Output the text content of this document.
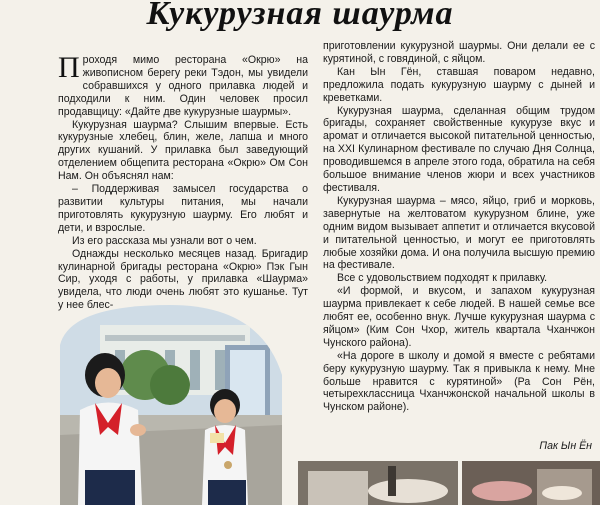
Кукурузная шаурма

Проходя мимо ресторана «Окрю» на живописном берегу реки Тэдон, мы увидели собравшихся у одного прилавка людей и подходили к ним. Один человек просил продавщицу: «Дайте две кукурузные шаурмы».

Кукурузная шаурма? Слышим впервые. Есть кукурузные хлебец, блин, желе, лапша и много других кушаний. У прилавка был заведующий отделением общепита ресторана «Окрю» Ом Сон Нам. Он объяснял нам:

– Поддерживая замысел государства о развитии культуры питания, мы начали приготовлять кукурузную шаурму. Его любят и дети, и взрослые.

Из его рассказа мы узнали вот о чем.

Однажды несколько месяцев назад. Бригадир кулинарной бригады ресторана «Окрю» Пэк Гын Сир, уходя с работы, у прилавка «Шаурма» увидела, что люди очень любят это кушанье. Тут у нее блес-

приготовлении кукурузной шаурмы. Они делали ее с курятиной, с говядиной, с яйцом.

Кан Ын Гён, ставшая поваром недавно, предложила подать кукурузную шаурму с дыней и креветками.

Кукурузная шаурма, сделанная общим трудом бригады, сохраняет свойственные кукурузе вкус и аромат и отличается высокой питательной ценностью, на XXI Кулинарном фестивале по случаю Дня Солнца, проводившемся в апреле этого года, обратила на себя большое внимание членов жюри и всех участников фестиваля.

Кукурузная шаурма – мясо, яйцо, гриб и морковь, завернутые на желтоватом кукурузном блине, уже одним видом вызывает аппетит и отличается вкусовой и питательной ценностью, и могут ее приготовлять любые хозяйки дома. И она получила высшую премию на фестивале.

Все с удовольствием подходят к прилавку.

«И формой, и вкусом, и запахом кукурузная шаурма привлекает к себе людей. В нашей семье все любят ее, особенно внук. Лучше кукурузная шаурма с яйцом» (Ким Сон Чхор, житель квартала Чханчжон Чунского района).

«На дороге в школу и домой я вместе с ребятами беру кукурузную шаурму. Так я привыкла к нему. Мне больше нравится с курятиной» (Ра Сон Рён, четырехклассница Чханчжонской начальной школы в Чунском районе).

Пак Ын Ён
